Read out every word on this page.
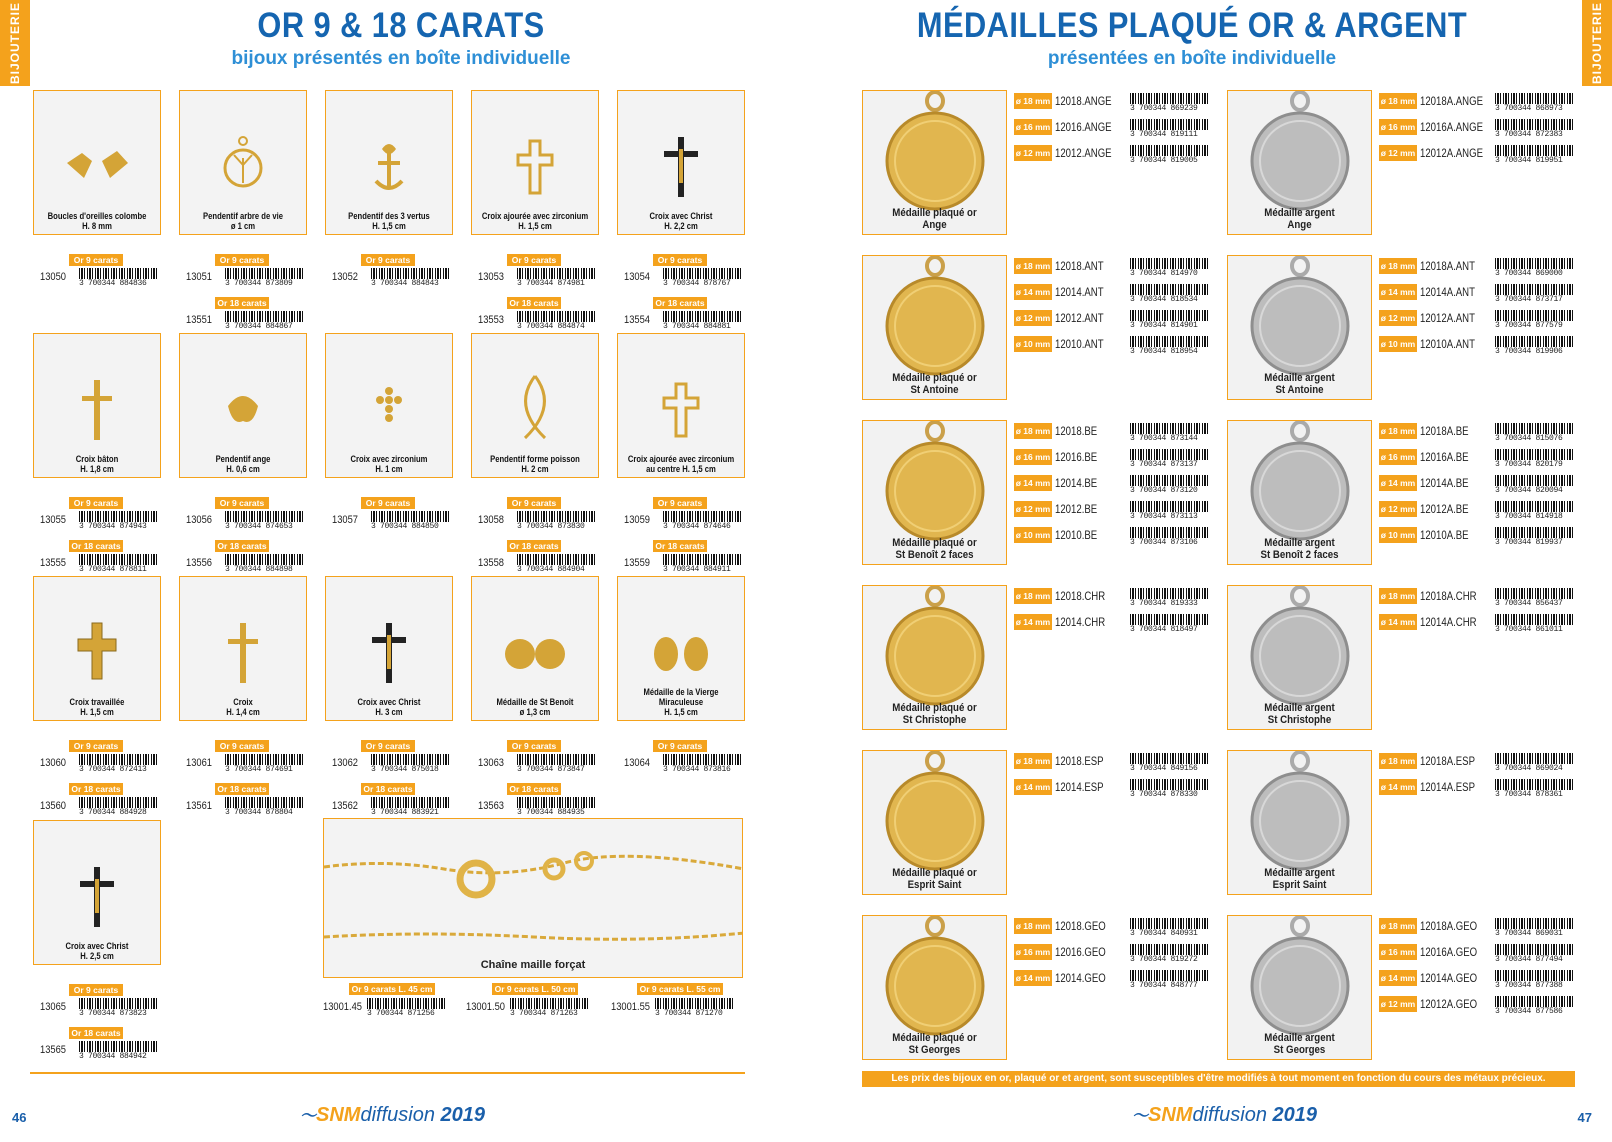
BIJOUTERIE	OR 9 & 18 CARATS
bijoux présentés en boîte individuelle
Boucles d'oreilles colombe
H. 8 mm
Or 9 carats
13050
3 700344 884836
Pendentif arbre de vie
ø 1 cm
Or 9 carats
13051
3 700344 873809
Or 18 carats
13551
3 700344 884867
Pendentif des 3 vertus
H. 1,5 cm
Or 9 carats
13052
3 700344 884843
Croix ajourée avec zirconium
H. 1,5 cm
Or 9 carats
13053
3 700344 874981
Or 18 carats
13553
3 700344 884874
Croix avec Christ
H. 2,2 cm
Or 9 carats
13054
3 700344 878767
Or 18 carats
13554
3 700344 884881
Croix bâton
H. 1,8 cm
Or 9 carats
13055
3 700344 874943
Or 18 carats
13555
3 700344 878811
Pendentif ange
H. 0,6 cm
Or 9 carats
13056
3 700344 874653
Or 18 carats
13556
3 700344 884898
Croix avec zirconium
H. 1 cm
Or 9 carats
13057
3 700344 884850
Pendentif forme poisson
H. 2 cm
Or 9 carats
13058
3 700344 873830
Or 18 carats
13558
3 700344 884904
Croix ajourée avec zirconium au centre H. 1,5 cm
Or 9 carats
13059
3 700344 874646
Or 18 carats
13559
3 700344 884911
Croix travaillée
H. 1,5 cm
Or 9 carats
13060
3 700344 872413
Or 18 carats
13560
3 700344 884928
Croix
H. 1,4 cm
Or 9 carats
13061
3 700344 874691
Or 18 carats
13561
3 700344 878804
Croix avec Christ
H. 3 cm
Or 9 carats
13062
3 700344 875018
Or 18 carats
13562
3 700344 883921
Médaille de St Benoît
ø 1,3 cm
Or 9 carats
13063
3 700344 873847
Or 18 carats
13563
3 700344 884935
Médaille de la Vierge Miraculeuse
H. 1,5 cm
Or 9 carats
13064
3 700344 873816
Croix avec Christ
H. 2,5 cm
Or 9 carats
13065
3 700344 873823
Or 18 carats
13565
3 700344 884942
Chaîne maille forçat
Or 9 carats L. 45 cm
13001.45
3 700344 871256
Or 9 carats L. 50 cm
13001.50
3 700344 871263
Or 9 carats L. 55 cm
13001.55
3 700344 871270
46	〜SNMdiffusion 2019
BIJOUTERIE
MÉDAILLES PLAQUÉ OR & ARGENT
présentées en boîte individuelle
Médaille plaqué or
Ange
ø 18 mm 12018.ANGE
3 700344 869239
ø 16 mm 12016.ANGE
3 700344 819111
ø 12 mm 12012.ANGE
3 700344 819005
Médaille argent
Ange
ø 18 mm 12018A.ANGE
3 700344 868973
ø 16 mm 12016A.ANGE
3 700344 872383
ø 12 mm 12012A.ANGE
3 700344 819951
Médaille plaqué or
St Antoine
ø 18 mm 12018.ANT
3 700344 814970
ø 14 mm 12014.ANT
3 700344 818534
ø 12 mm 12012.ANT
3 700344 814901
ø 10 mm 12010.ANT
3 700344 818954
Médaille argent
St Antoine
ø 18 mm 12018A.ANT
3 700344 869000
ø 14 mm 12014A.ANT
3 700344 873717
ø 12 mm 12012A.ANT
3 700344 877579
ø 10 mm 12010A.ANT
3 700344 819906
Médaille plaqué or
St Benoît 2 faces
ø 18 mm 12018.BE
3 700344 873144
ø 16 mm 12016.BE
3 700344 873137
ø 14 mm 12014.BE
3 700344 873120
ø 12 mm 12012.BE
3 700344 873113
ø 10 mm 12010.BE
3 700344 873106	Médaille argent
St Benoît 2 faces
ø 18 mm 12018A.BE
3 700344 815076
ø 16 mm 12016A.BE
3 700344 820179
ø 14 mm 12014A.BE
3 700344 820094
ø 12 mm 12012A.BE
3 700344 814918
ø 10 mm 12010A.BE
3 700344 819937
Médaille plaqué or
St Christophe
ø 18 mm 12018.CHR
3 700344 819333
ø 14 mm 12014.CHR
3 700344 818497
Médaille argent
St Christophe
ø 18 mm 12018A.CHR
3 700344 856437
ø 14 mm 12014A.CHR
3 700344 861011
Médaille plaqué or
Esprit Saint
ø 18 mm 12018.ESP
3 700344 849156
ø 14 mm 12014.ESP
3 700344 878330
Médaille argent
Esprit Saint
ø 18 mm 12018A.ESP
3 700344 869024
ø 14 mm 12014A.ESP
3 700344 878361
Médaille plaqué or
St Georges
ø 18 mm 12018.GEO
3 700344 840931
ø 16 mm 12016.GEO
3 700344 819272
ø 14 mm 12014.GEO
3 700344 848777
Médaille argent
St Georges
ø 18 mm 12018A.GEO
3 700344 869031
ø 16 mm 12016A.GEO
3 700344 877494
ø 14 mm 12014A.GEO
3 700344 877388
ø 12 mm 12012A.GEO
3 700344 877586
47
〜SNMdiffusion 2019
Les prix des bijoux en or, plaqué or et argent, sont susceptibles d'être modifiés à tout moment en fonction du cours des métaux précieux.
